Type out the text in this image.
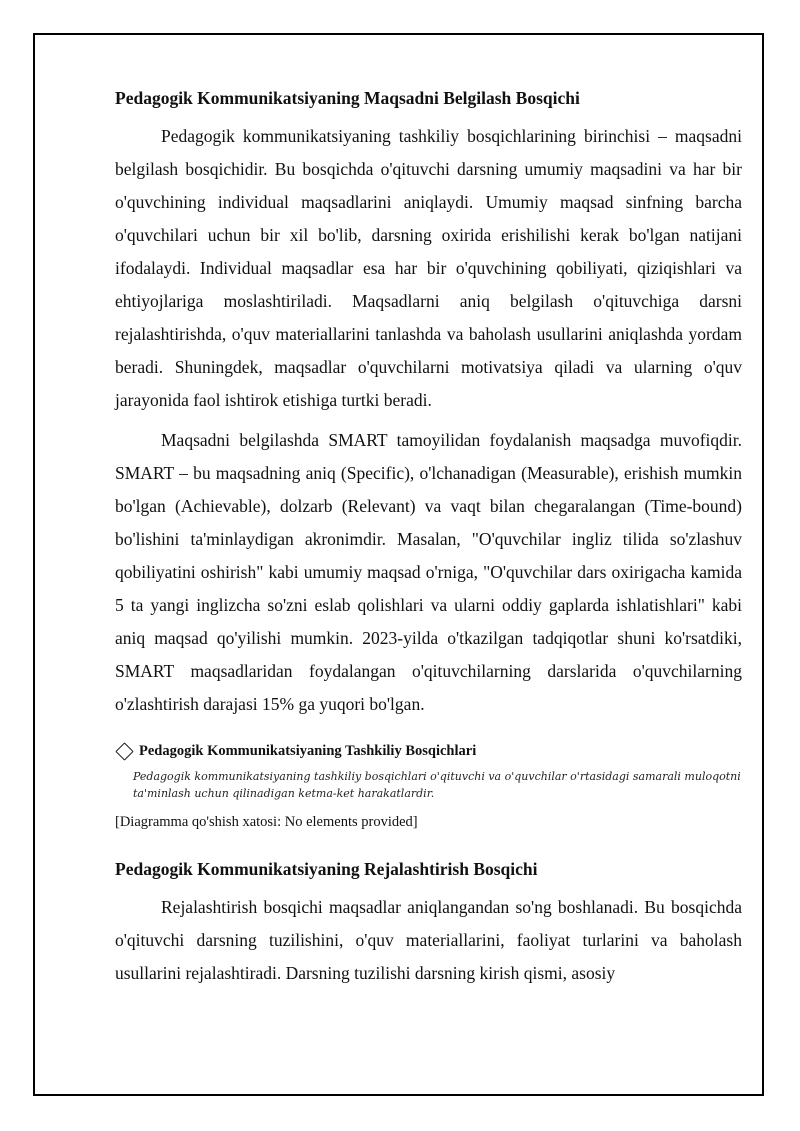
Pedagogik Kommunikatsiyaning Maqsadni Belgilash Bosqichi

Pedagogik kommunikatsiyaning tashkiliy bosqichlarining birinchisi – maqsadni belgilash bosqichidir. Bu bosqichda o'qituvchi darsning umumiy maqsadini va har bir o'quvchining individual maqsadlarini aniqlaydi. Umumiy maqsad sinfning barcha o'quvchilari uchun bir xil bo'lib, darsning oxirida erishilishi kerak bo'lgan natijani ifodalaydi. Individual maqsadlar esa har bir o'quvchining qobiliyati, qiziqishlari va ehtiyojlariga moslashtiriladi. Maqsadlarni aniq belgilash o'qituvchiga darsni rejalashtirishda, o'quv materiallarini tanlashda va baholash usullarini aniqlashda yordam beradi. Shuningdek, maqsadlar o'quvchilarni motivatsiya qiladi va ularning o'quv jarayonida faol ishtirok etishiga turtki beradi.

Maqsadni belgilashda SMART tamoyilidan foydalanish maqsadga muvofiqdir. SMART – bu maqsadning aniq (Specific), o'lchanadigan (Measurable), erishish mumkin bo'lgan (Achievable), dolzarb (Relevant) va vaqt bilan chegaralangan (Time-bound) bo'lishini ta'minlaydigan akronimdir. Masalan, "O'quvchilar ingliz tilida so'zlashuv qobiliyatini oshirish" kabi umumiy maqsad o'rniga, "O'quvchilar dars oxirigacha kamida 5 ta yangi inglizcha so'zni eslab qolishlari va ularni oddiy gaplarda ishlatishlari" kabi aniq maqsad qo'yilishi mumkin. 2023-yilda o'tkazilgan tadqiqotlar shuni ko'rsatdiki, SMART maqsadlaridan foydalangan o'qituvchilarning darslarida o'quvchilarning o'zlashtirish darajasi 15% ga yuqori bo'lgan.

Pedagogik Kommunikatsiyaning Tashkiliy Bosqichlari
Pedagogik kommunikatsiyaning tashkiliy bosqichlari o'qituvchi va o'quvchilar o'rtasidagi samarali muloqotni ta'minlash uchun qilinadigan ketma-ket harakatlardir.
[Diagramma qo'shish xatosi: No elements provided]
Pedagogik Kommunikatsiyaning Rejalashtirish Bosqichi

Rejalashtirish bosqichi maqsadlar aniqlangandan so'ng boshlanadi. Bu bosqichda o'qituvchi darsning tuzilishini, o'quv materiallarini, faoliyat turlarini va baholash usullarini rejalashtiradi. Darsning tuzilishi darsning kirish qismi, asosiy
